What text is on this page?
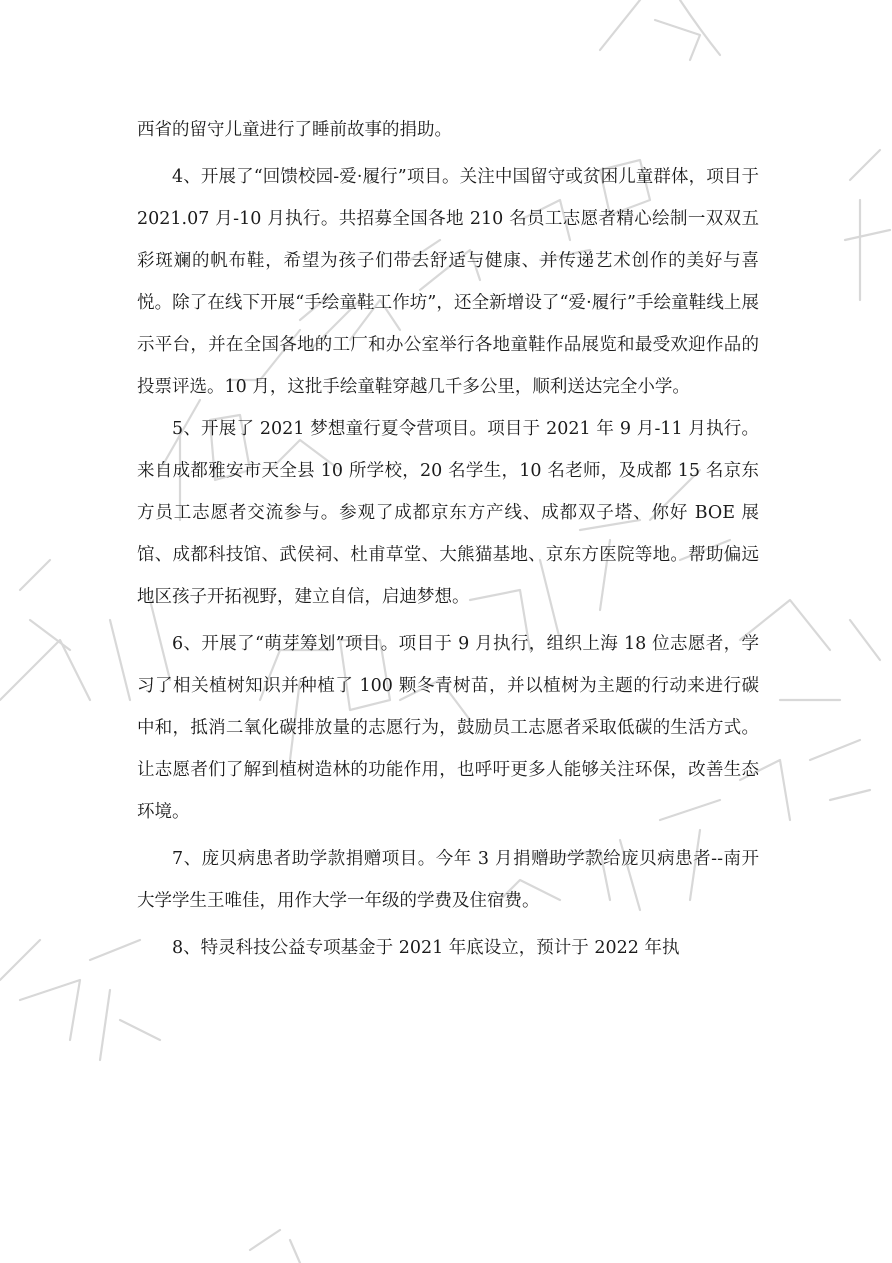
西省的留守儿童进行了睡前故事的捐助。

4、开展了“回馈校园-爱·履行”项目。关注中国留守或贫困儿童群体，项目于 2021.07 月-10 月执行。共招募全国各地 210 名员工志愿者精心绘制一双双五彩斑斓的帆布鞋，希望为孩子们带去舒适与健康、并传递艺术创作的美好与喜悦。除了在线下开展“手绘童鞋工作坊”，还全新增设了“爱·履行”手绘童鞋线上展示平台，并在全国各地的工厂和办公室举行各地童鞋作品展览和最受欢迎作品的投票评选。10 月，这批手绘童鞋穿越几千多公里，顺利送达完全小学。

5、开展了 2021 梦想童行夏令营项目。项目于 2021 年 9 月-11 月执行。来自成都雅安市天全县 10 所学校，20 名学生，10 名老师，及成都 15 名京东方员工志愿者交流参与。参观了成都京东方产线、成都双子塔、你好 BOE 展馆、成都科技馆、武侯祠、杜甫草堂、大熊猫基地、京东方医院等地。帮助偏远地区孩子开拓视野，建立自信，启迪梦想。

6、开展了“萌芽筹划”项目。项目于 9 月执行，组织上海 18 位志愿者，学习了相关植树知识并种植了 100 颗冬青树苗，并以植树为主题的行动来进行碳中和，抵消二氧化碳排放量的志愿行为，鼓励员工志愿者采取低碳的生活方式。让志愿者们了解到植树造林的功能作用，也呼吁更多人能够关注环保，改善生态环境。

7、庞贝病患者助学款捐赠项目。今年 3 月捐赠助学款给庞贝病患者--南开大学学生王唯佳，用作大学一年级的学费及住宿费。

8、特灵科技公益专项基金于 2021 年底设立，预计于 2022 年执
